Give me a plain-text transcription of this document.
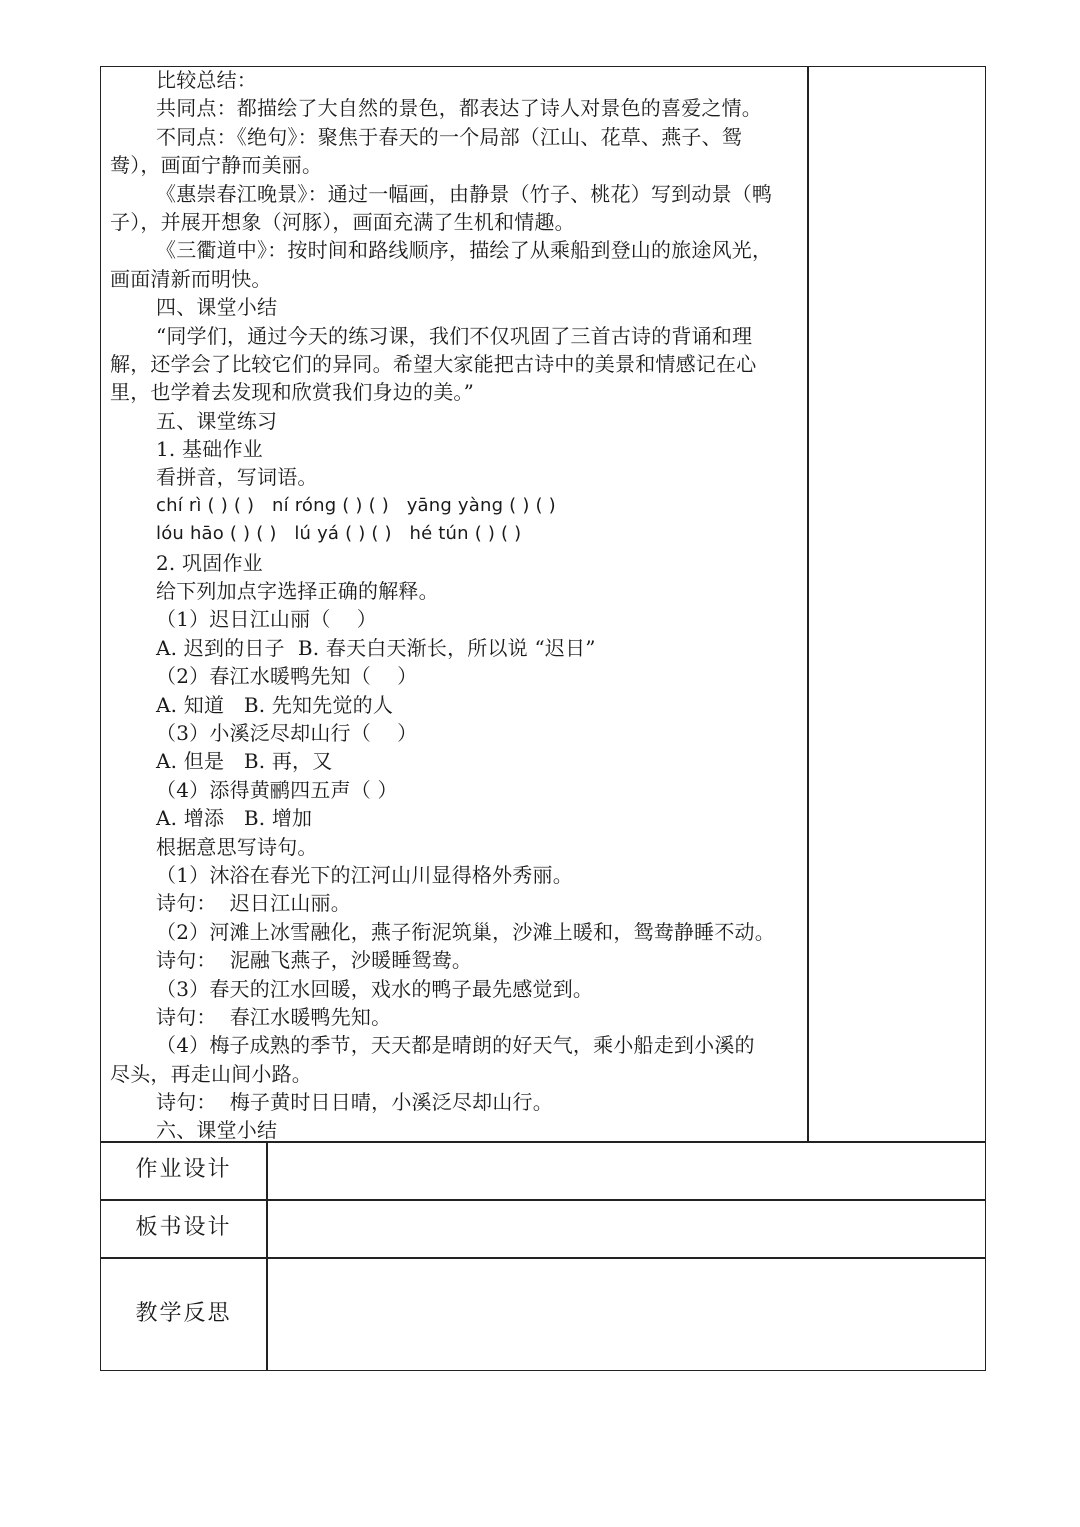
比较总结：
共同点：都描绘了大自然的景色，都表达了诗人对景色的喜爱之情。
不同点：《绝句》：聚焦于春天的一个局部（江山、花草、燕子、鸳
鸯），画面宁静而美丽。
《惠崇春江晚景》：通过一幅画，由静景（竹子、桃花）写到动景（鸭
子），并展开想象（河豚），画面充满了生机和情趣。
《三衢道中》：按时间和路线顺序，描绘了从乘船到登山的旅途风光，
画面清新而明快。
四、课堂小结
“同学们，通过今天的练习课，我们不仅巩固了三首古诗的背诵和理
解，还学会了比较它们的异同。希望大家能把古诗中的美景和情感记在心
里，也学着去发现和欣赏我们身边的美。”
五、课堂练习
1. 基础作业
看拼音，写词语。
chí rì ( ) ( )   ní róng ( ) ( )   yāng yàng ( ) ( )
lóu hāo ( ) ( )   lú yá ( ) ( )   hé tún ( ) ( )
2. 巩固作业
给下列加点字选择正确的解释。
（1）迟日江山丽（    ）
A. 迟到的日子  B. 春天白天渐长，所以说 “迟日”
（2）春江水暖鸭先知（    ）
A. 知道   B. 先知先觉的人
（3）小溪泛尽却山行（    ）
A. 但是   B. 再，又
（4）添得黄鹂四五声（ ）
A. 增添   B. 增加
根据意思写诗句。
（1）沐浴在春光下的江河山川显得格外秀丽。
诗句：  迟日江山丽。
（2）河滩上冰雪融化，燕子衔泥筑巢，沙滩上暖和，鸳鸯静睡不动。
诗句：  泥融飞燕子，沙暖睡鸳鸯。
（3）春天的江水回暖，戏水的鸭子最先感觉到。
诗句：  春江水暖鸭先知。
（4）梅子成熟的季节，天天都是晴朗的好天气，乘小船走到小溪的
尽头，再走山间小路。
诗句：  梅子黄时日日晴，小溪泛尽却山行。
六、课堂小结
作业设计
板书设计
教学反思
